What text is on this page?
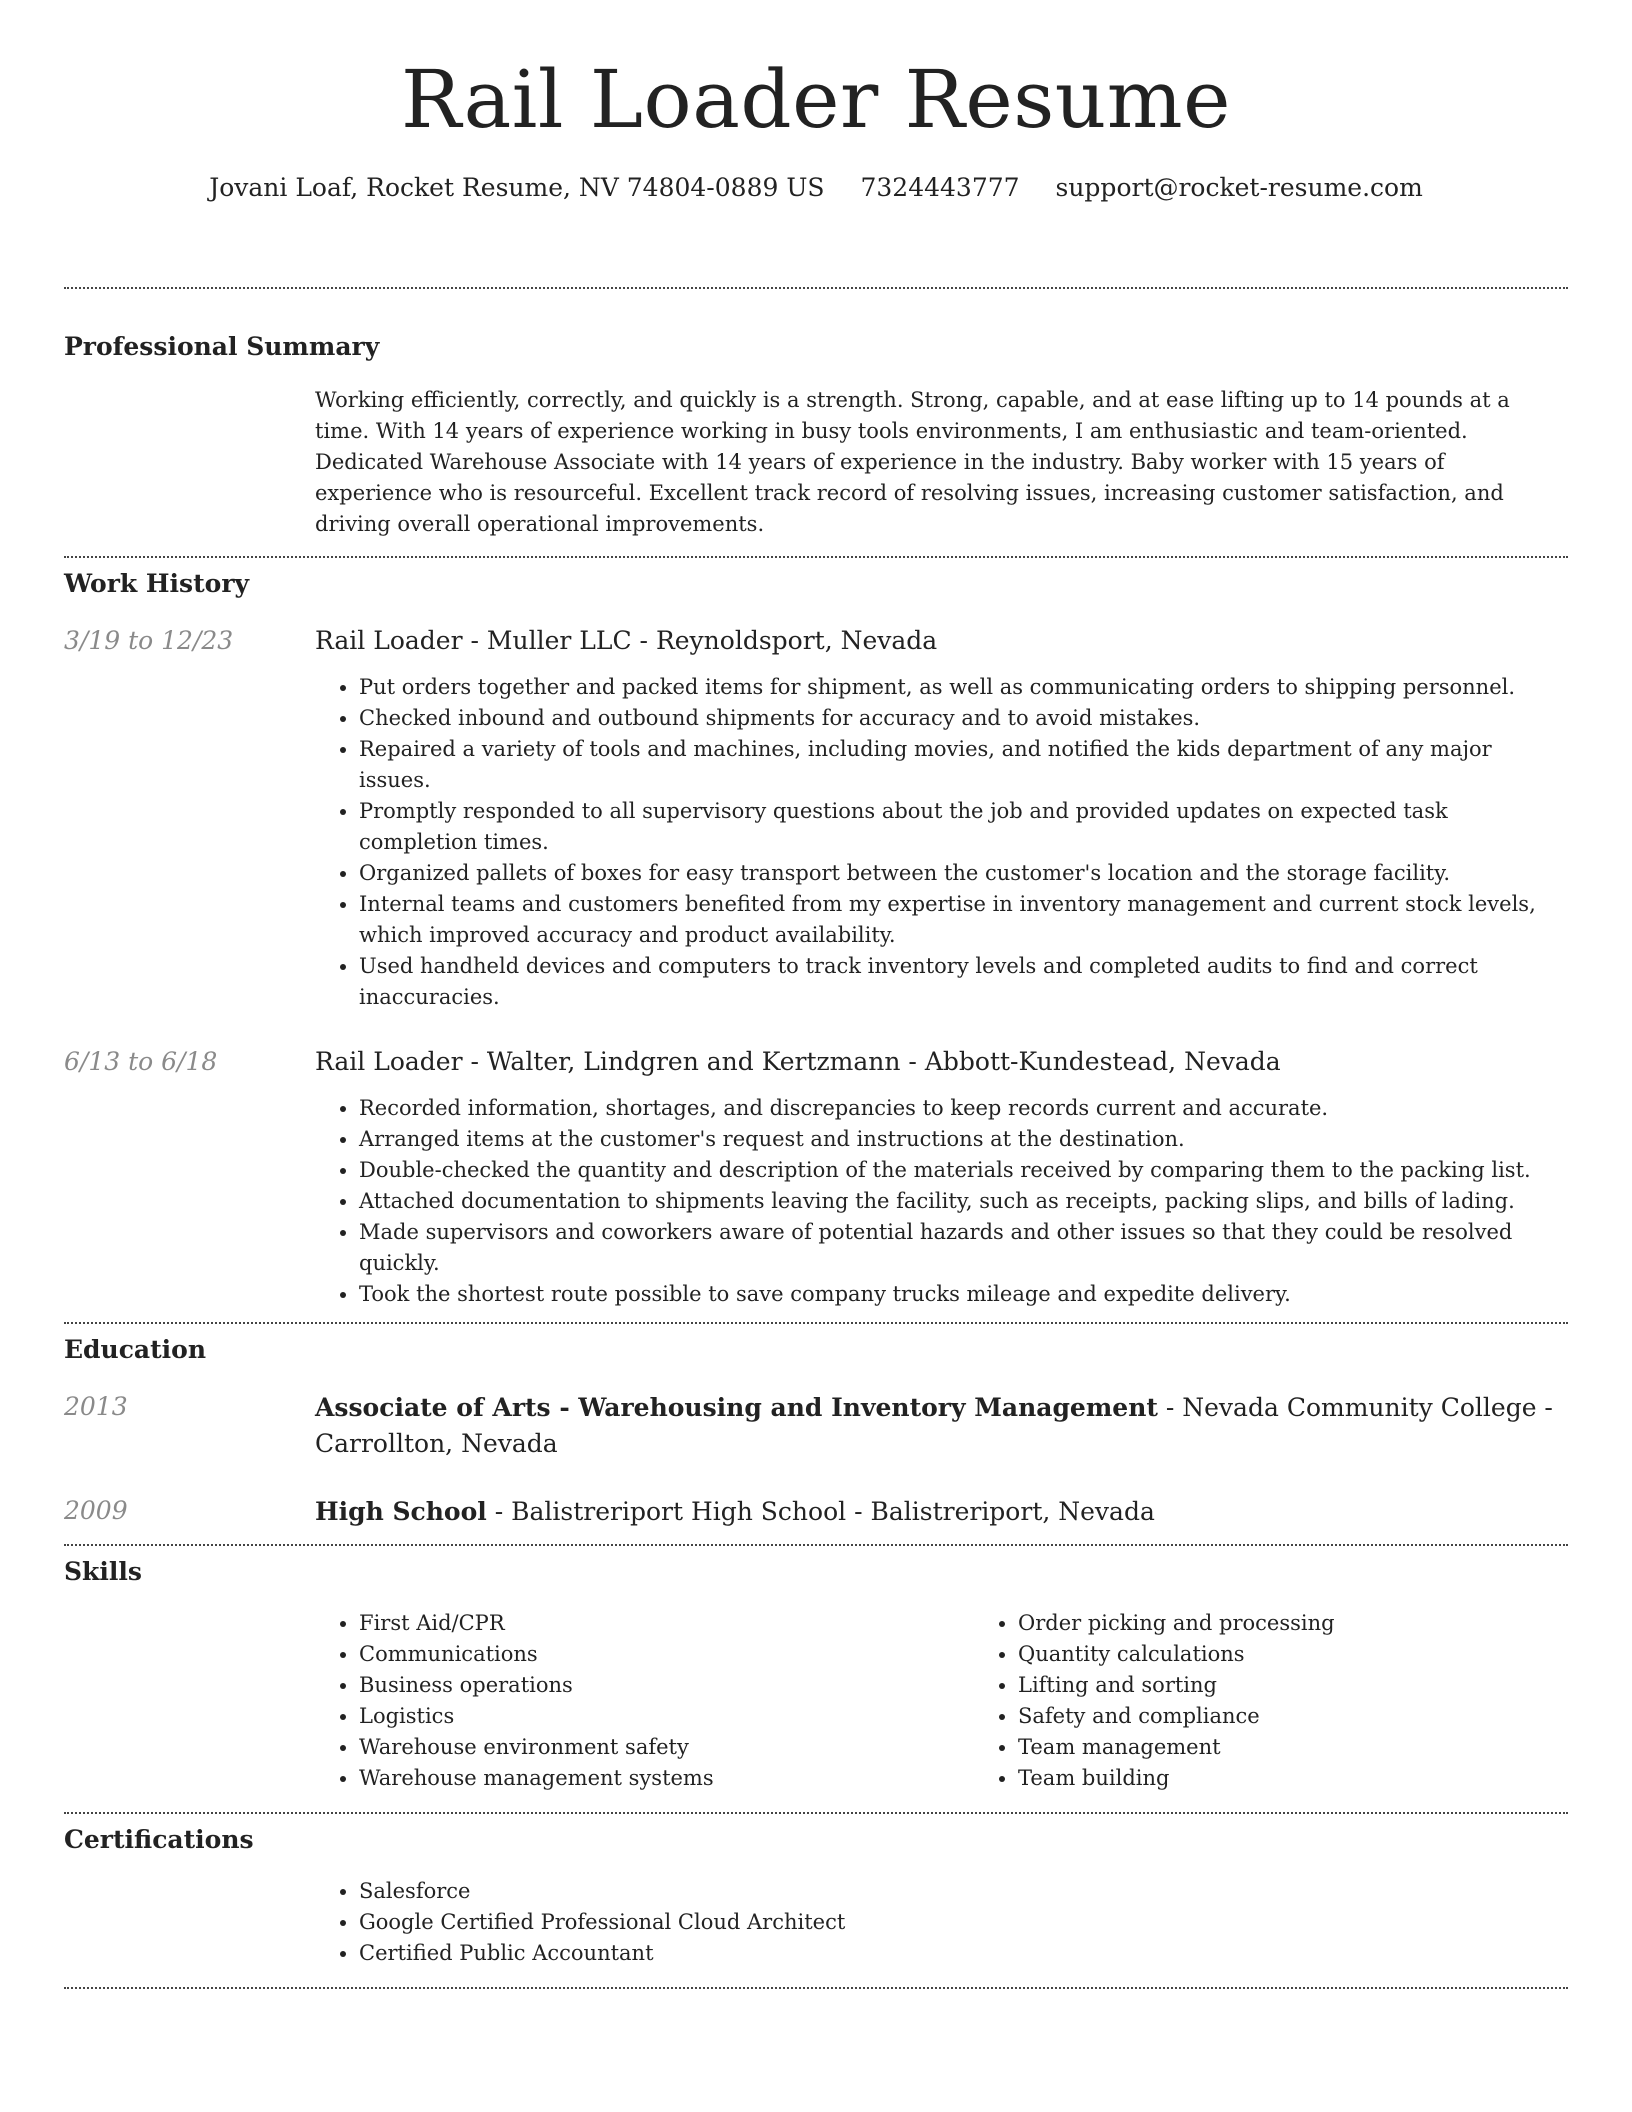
Rail Loader Resume
Jovani Loaf, Rocket Resume, NV 74804-0889 US 7324443777 support@rocket-resume.com
Professional Summary

Working efficiently, correctly, and quickly is a strength. Strong, capable, and at ease lifting up to 14 pounds at a time. With 14 years of experience working in busy tools environments, I am enthusiastic and team-oriented. Dedicated Warehouse Associate with 14 years of experience in the industry. Baby worker with 15 years of experience who is resourceful. Excellent track record of resolving issues, increasing customer satisfaction, and driving overall operational improvements.

Work History
3/19 to 12/23	Rail Loader - Muller LLC - Reynoldsport, Nevada

• Put orders together and packed items for shipment, as well as communicating orders to shipping personnel.
• Checked inbound and outbound shipments for accuracy and to avoid mistakes.
• Repaired a variety of tools and machines, including movies, and notified the kids department of any major issues.
• Promptly responded to all supervisory questions about the job and provided updates on expected task completion times.
• Organized pallets of boxes for easy transport between the customer's location and the storage facility.
• Internal teams and customers benefited from my expertise in inventory management and current stock levels, which improved accuracy and product availability.
• Used handheld devices and computers to track inventory levels and completed audits to find and correct inaccuracies.
6/13 to 6/18	Rail Loader - Walter, Lindgren and Kertzmann - Abbott-Kundestead, Nevada

• Recorded information, shortages, and discrepancies to keep records current and accurate.
• Arranged items at the customer's request and instructions at the destination.
• Double-checked the quantity and description of the materials received by comparing them to the packing list.
• Attached documentation to shipments leaving the facility, such as receipts, packing slips, and bills of lading.
• Made supervisors and coworkers aware of potential hazards and other issues so that they could be resolved quickly.
• Took the shortest route possible to save company trucks mileage and expedite delivery.
Education
2013	Associate of Arts - Warehousing and Inventory Management - Nevada Community College - Carrollton, Nevada

2009	High School - Balistreriport High School - Balistreriport, Nevada

Skills
• First Aid/CPR
• Communications
• Business operations
• Logistics
• Warehouse environment safety
• Warehouse management systems
• Order picking and processing
• Quantity calculations
• Lifting and sorting
• Safety and compliance
• Team management
• Team building
Certifications
• Salesforce
• Google Certified Professional Cloud Architect
• Certified Public Accountant
